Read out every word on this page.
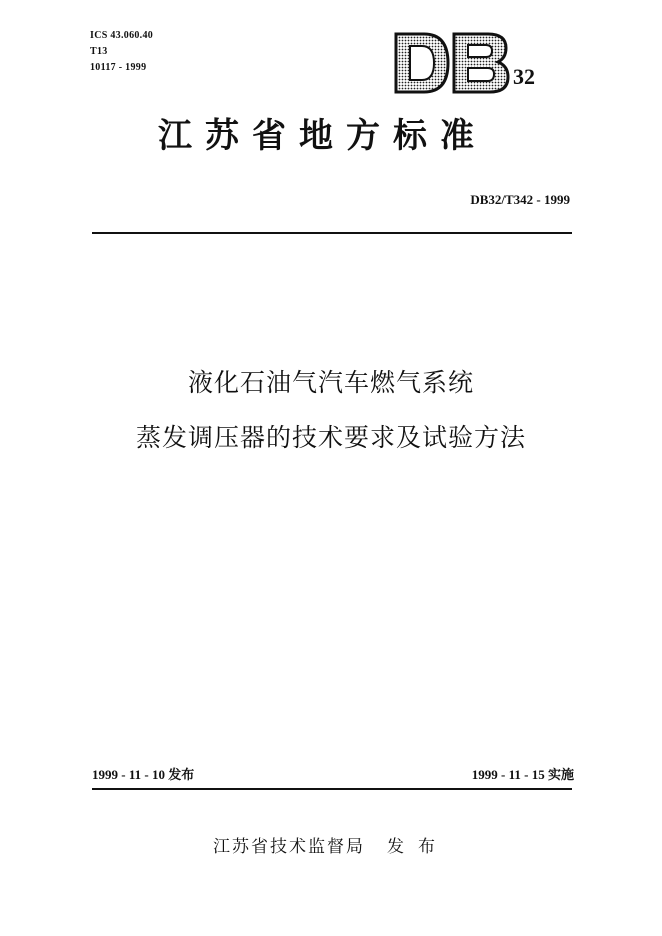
ICS 43.060.40
T13
10117 - 1999	32
江苏省地方标准
DB32/T342 - 1999
液化石油气汽车燃气系统
蒸发调压器的技术要求及试验方法
1999 - 11 - 10 发布	1999 - 11 - 15 实施
江苏省技术监督局 发布
